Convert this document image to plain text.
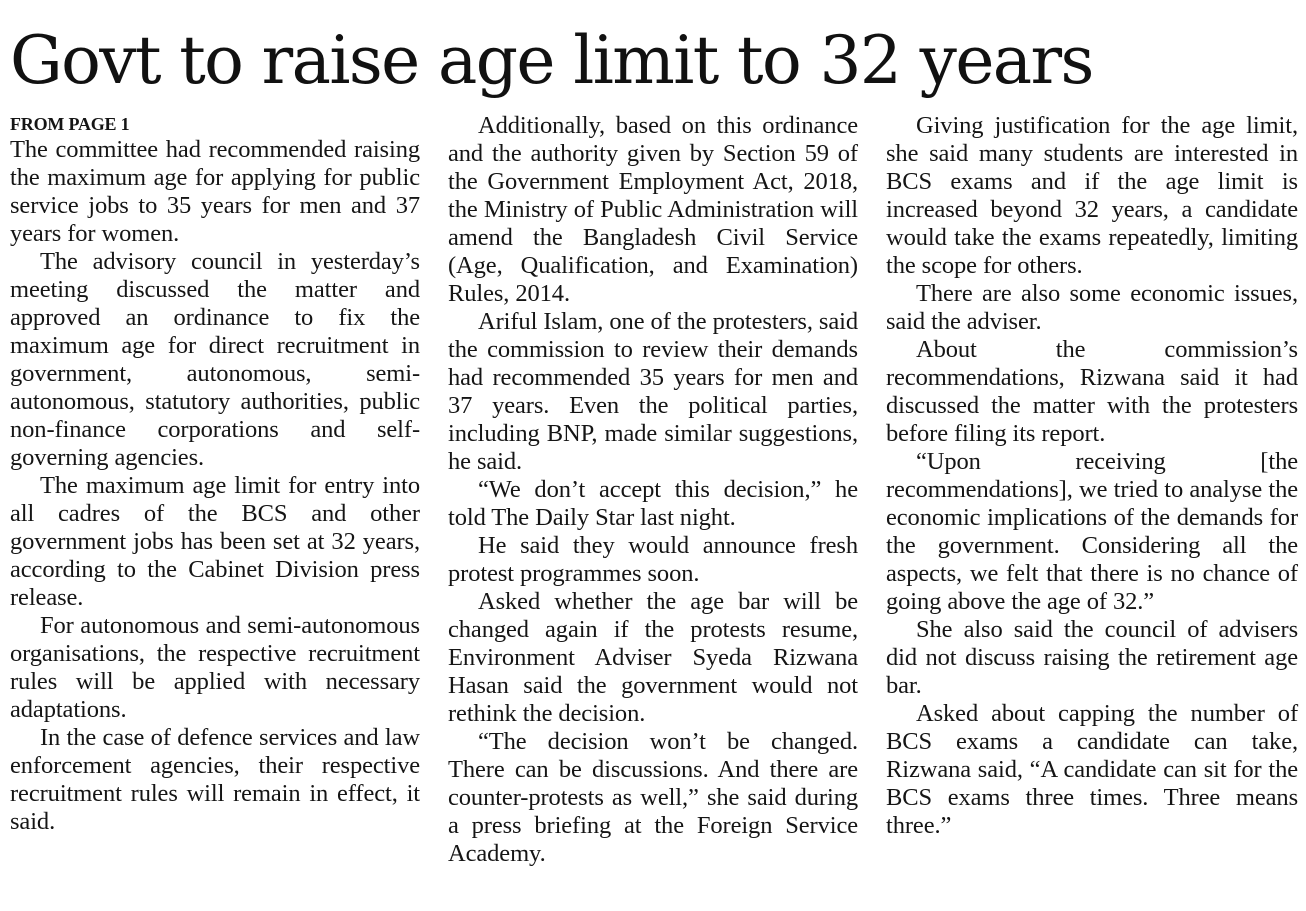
Govt to raise age limit to 32 years
FROM PAGE 1

The committee had recommended raising the maximum age for applying for public service jobs to 35 years for men and 37 years for women.

The advisory council in yesterday’s meeting discussed the matter and approved an ordinance to fix the maximum age for direct recruitment in government, autonomous, semi-autonomous, statutory authorities, public non-finance corporations and self-governing agencies.

The maximum age limit for entry into all cadres of the BCS and other government jobs has been set at 32 years, according to the Cabinet Division press release.

For autonomous and semi-autonomous organisations, the respective recruitment rules will be applied with necessary adaptations.

In the case of defence services and law enforcement agencies, their respective recruitment rules will remain in effect, it said.

Additionally, based on this ordinance and the authority given by Section 59 of the Government Employment Act, 2018, the Ministry of Public Administration will amend the Bangladesh Civil Service (Age, Qualification, and Examination) Rules, 2014.

Ariful Islam, one of the protesters, said the commission to review their demands had recommended 35 years for men and 37 years. Even the political parties, including BNP, made similar suggestions, he said.

“We don’t accept this decision,” he told The Daily Star last night.

He said they would announce fresh protest programmes soon.

Asked whether the age bar will be changed again if the protests resume, Environment Adviser Syeda Rizwana Hasan said the government would not rethink the decision.

“The decision won’t be changed. There can be discussions. And there are counter-protests as well,” she said during a press briefing at the Foreign Service Academy.

Giving justification for the age limit, she said many students are interested in BCS exams and if the age limit is increased beyond 32 years, a candidate would take the exams repeatedly, limiting the scope for others.

There are also some economic issues, said the adviser.

About the commission’s recommendations, Rizwana said it had discussed the matter with the protesters before filing its report.

“Upon receiving [the recommendations], we tried to analyse the economic implications of the demands for the government. Considering all the aspects, we felt that there is no chance of going above the age of 32.”

She also said the council of advisers did not discuss raising the retirement age bar.

Asked about capping the number of BCS exams a candidate can take, Rizwana said, “A candidate can sit for the BCS exams three times. Three means three.”
